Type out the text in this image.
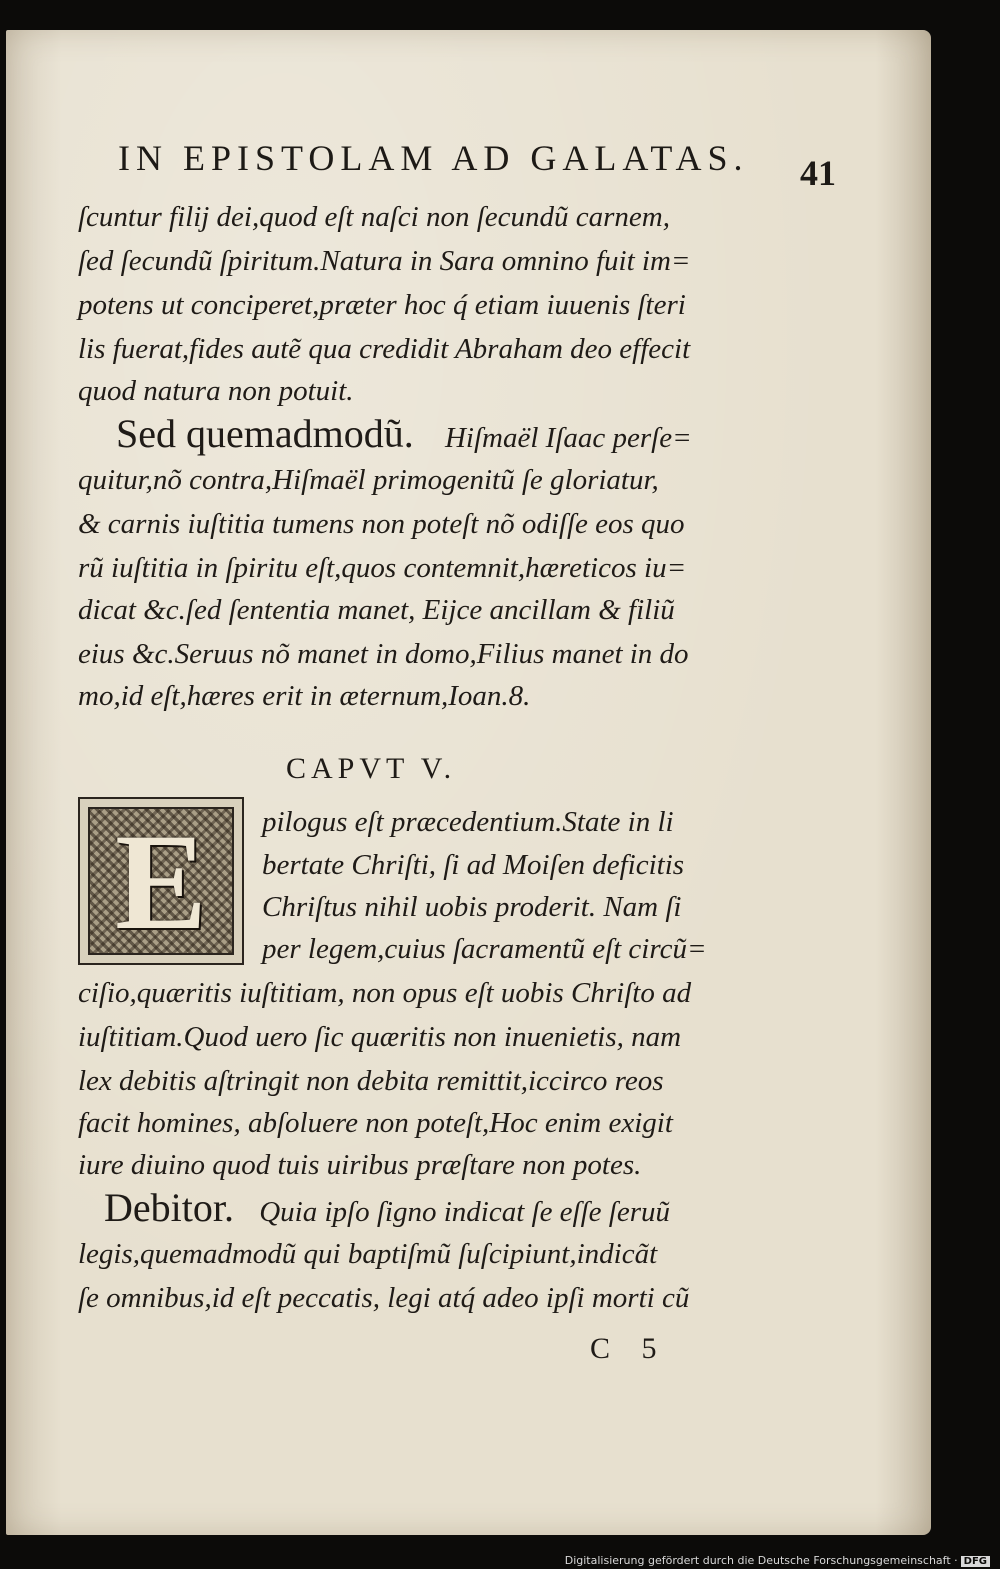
IN EPISTOLAM AD GALATAS. 41
ſcuntur filij dei,quod eſt naſci non ſecundũ carnem,
ſed ſecundũ ſpiritum.Natura in Sara omnino fuit im=
potens ut conciperet,præter hoc q́ etiam iuuenis ſteri
lis fuerat,fides autẽ qua credidit Abraham deo effecit
quod natura non potuit.
Sed quemadmodũ. Hiſmaël Iſaac perſe=
quitur,nõ contra,Hiſmaël primogenitũ ſe gloriatur,
& carnis iuſtitia tumens non poteſt nõ odiſſe eos quo
rũ iuſtitia in ſpiritu eſt,quos contemnit,hæreticos iu=
dicat &c.ſed ſententia manet, Eijce ancillam & filiũ
eius &c.Seruus nõ manet in domo,Filius manet in do
mo,id eſt,hæres erit in æternum,Ioan.8.
CAPVT V.
E	pilogus eſt præcedentium.State in li
bertate Chriſti, ſi ad Moiſen deficitis
Chriſtus nihil uobis proderit. Nam ſi
per legem,cuius ſacramentũ eſt circũ=
ciſio,quæritis iuſtitiam, non opus eſt uobis Chriſto ad
iuſtitiam.Quod uero ſic quæritis non inuenietis, nam
lex debitis aſtringit non debita remittit,iccirco reos
facit homines, abſoluere non poteſt,Hoc enim exigit
iure diuino quod tuis uiribus præſtare non potes.
Debitor. Quia ipſo ſigno indicat ſe eſſe ſeruũ
legis,quemadmodũ qui baptiſmũ ſuſcipiunt,indicãt
ſe omnibus,id eſt peccatis, legi atq́ adeo ipſi morti cũ
C 5
Digitalisierung gefördert durch die Deutsche Forschungsgemeinschaft · DFG
